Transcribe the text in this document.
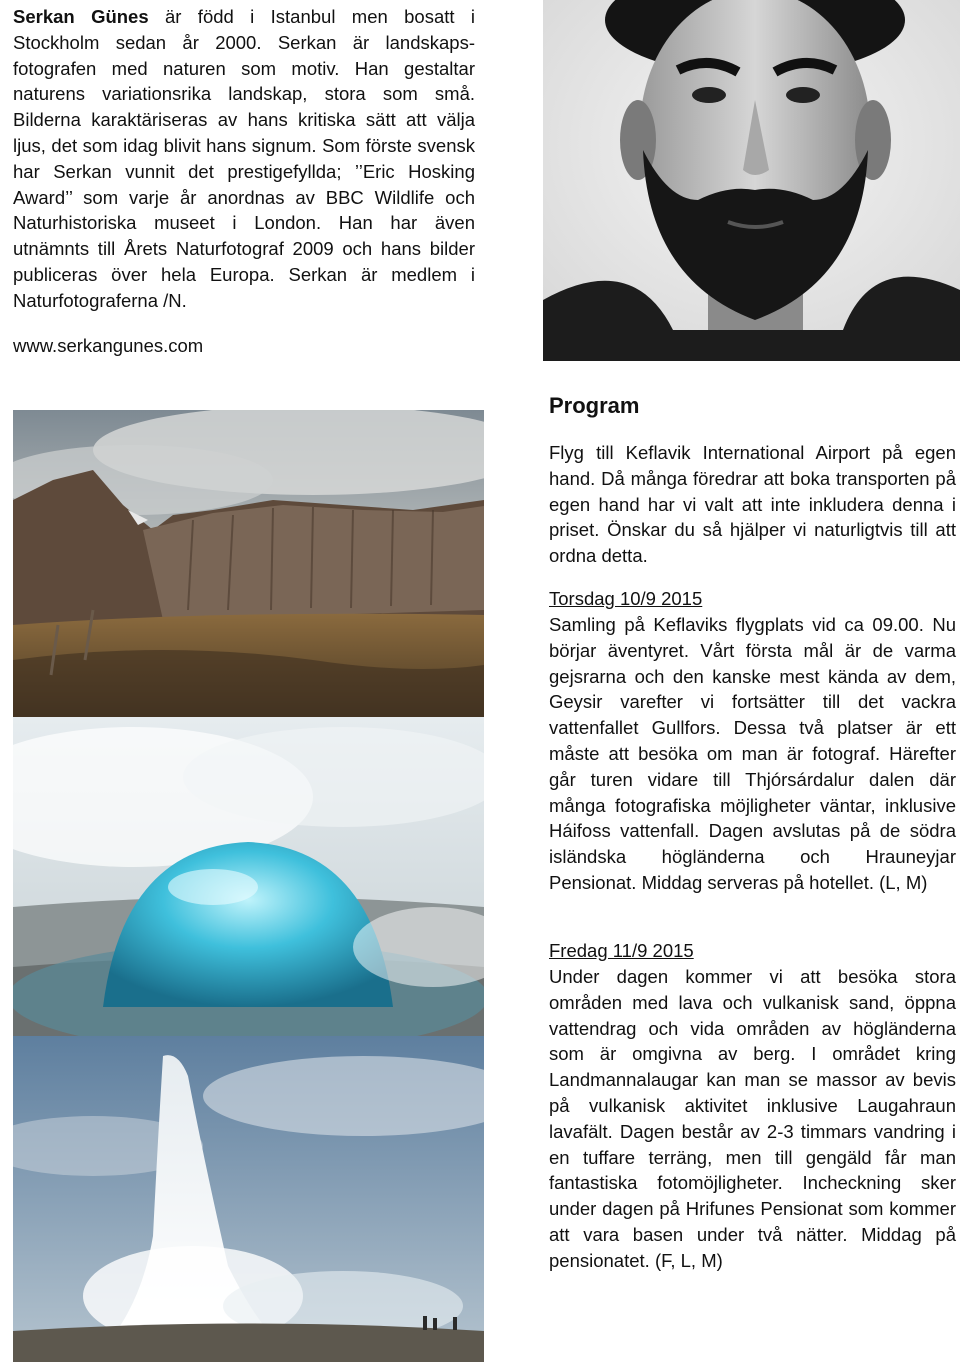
Serkan Günes är född i Istanbul men bosatt i Stockholm sedan år 2000. Serkan är landskaps-fotografen med naturen som motiv. Han gestaltar naturens variationsrika landskap, stora som små. Bilderna karaktäriseras av hans kritiska sätt att välja ljus, det som idag blivit hans signum. Som förste svensk har Serkan vunnit det prestigefyllda; ’’Eric Hosking Award’’ som varje år anordnas av BBC Wildlife och Naturhistoriska museet i London. Han har även utnämnts till Årets Naturfotograf 2009 och hans bilder publiceras över hela Europa. Serkan är medlem i Naturfotograferna /N.
www.serkangunes.com
Program
Flyg till Keflavik International Airport på egen hand. Då många föredrar att boka transporten på egen hand har vi valt att inte inkludera denna i priset. Önskar du så hjälper vi naturligtvis till att ordna detta.
Torsdag 10/9 2015
Samling på Keflaviks flygplats vid ca 09.00. Nu börjar äventyret. Vårt första mål är de varma gejsrarna och den kanske mest kända av dem, Geysir varefter vi fortsätter till det vackra vattenfallet Gullfors. Dessa två platser är ett måste att besöka om man är fotograf. Härefter går turen vidare till Thjórsárdalur dalen där många fotografiska möjligheter väntar, inklusive Háifoss vattenfall. Dagen avslutas på de södra isländska högländerna och Hrauneyjar Pensionat. Middag serveras på hotellet. (L, M)
Fredag 11/9 2015
Under dagen kommer vi att besöka stora områden med lava och vulkanisk sand, öppna vattendrag och vida områden av högländerna som är omgivna av berg. I området kring Landmannalaugar kan man se massor av bevis på vulkanisk aktivitet inklusive Laugahraun lavafält. Dagen består av 2-3 timmars vandring i en tuffare terräng, men till gengäld får man fantastiska fotomöjligheter. Incheckning sker under dagen på Hrifunes Pensionat som kommer att vara basen under två nätter. Middag på pensionatet. (F, L, M)
